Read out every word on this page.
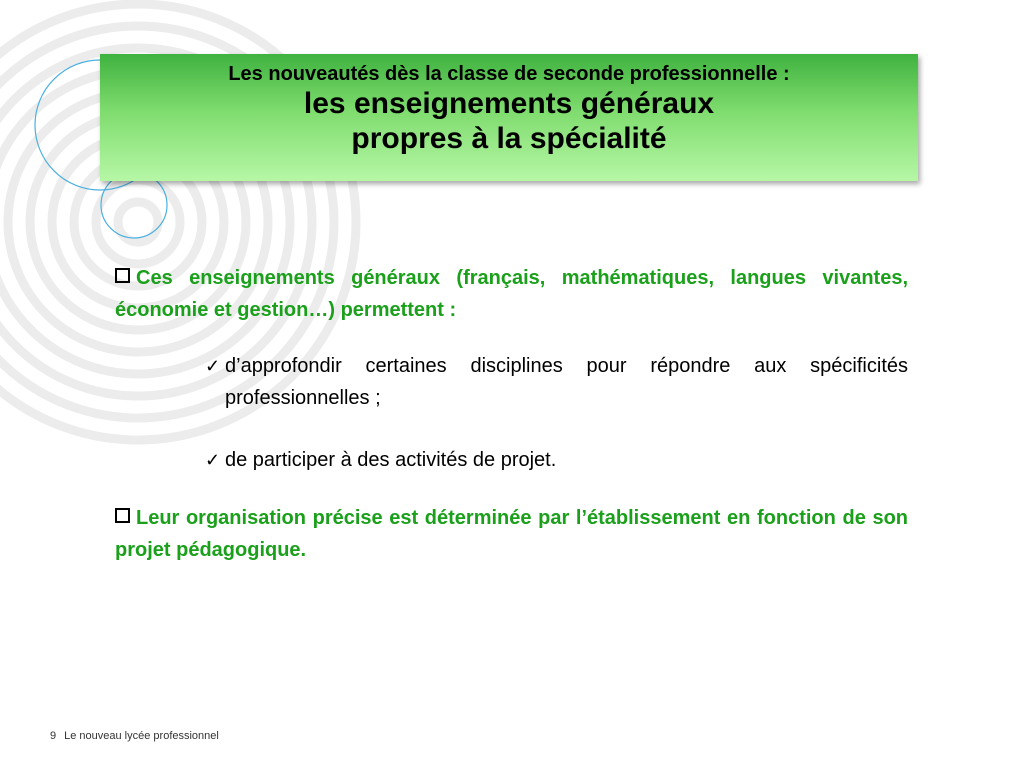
Les nouveautés dès la classe de seconde professionnelle :
les enseignements généraux
propres à la spécialité

Ces enseignements généraux (français, mathématiques, langues vivantes, économie et gestion…) permettent :

✓ d’approfondir certaines disciplines pour répondre aux spécificités professionnelles ;
✓ de participer à des activités de projet.

Leur organisation précise est déterminée par l’établissement en fonction de son projet pédagogique.

9 Le nouveau lycée professionnel
